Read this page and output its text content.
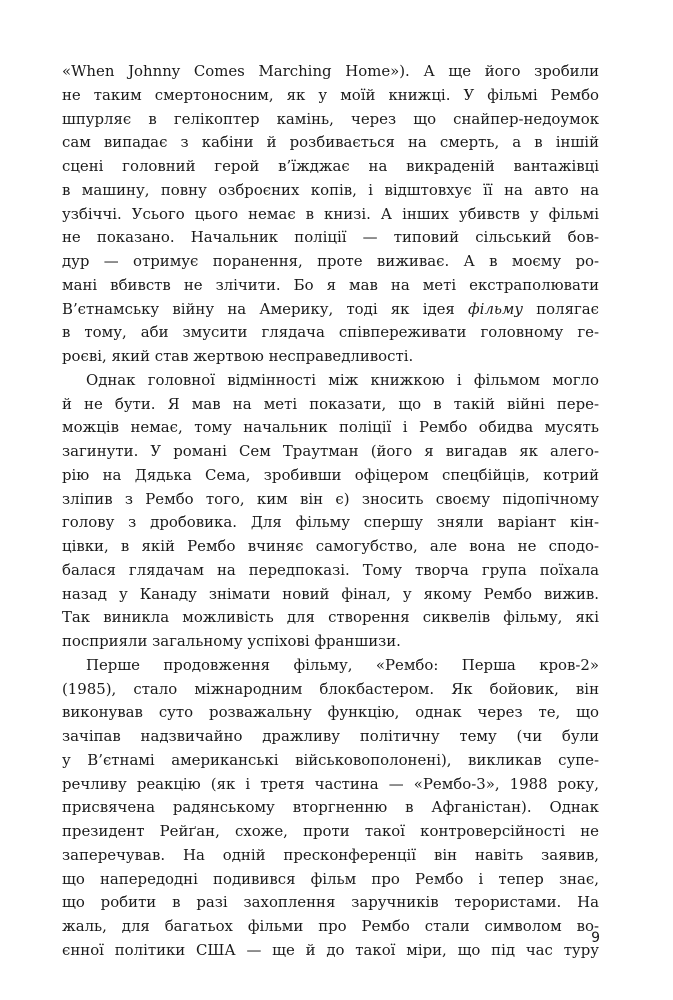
«When Johnny Comes Marching Home»). А ще його зробили
не таким смертоносним, як у моїй книжці. У фільмі Рембо
шпурляє в гелікоптер камінь, через що снайпер-недоумок
сам випадає з кабіни й розбивається на смерть, а в іншій
сцені головний герой в’їжджає на викраденій вантажівці
в машину, повну озброєних копів, і відштовхує її на авто на
узбіччі. Усього цього немає в книзі. А інших убивств у фільмі
не показано. Начальник поліції — типовий сільський бов-
дур — отримує поранення, проте виживає. А в моєму ро-
мані вбивств не злічити. Бо я мав на меті екстраполювати
В’єтнамську війну на Америку, тоді як ідея фільму полягає
в тому, аби змусити глядача співпереживати головному ге-
роєві, який став жертвою несправедливості.
Однак головної відмінності між книжкою і фільмом могло
й не бути. Я мав на меті показати, що в такій війні пере-
можців немає, тому начальник поліції і Рембо обидва мусять
загинути. У романі Сем Траутман (його я вигадав як алего-
рію на Дядька Сема, зробивши офіцером спецбійців, котрий
зліпив з Рембо того, ким він є) зносить своєму підопічному
голову з дробовика. Для фільму спершу зняли варіант кін-
цівки, в якій Рембо вчиняє самогубство, але вона не сподо-
балася глядачам на передпоказі. Тому творча група поїхала
назад у Канаду знімати новий фінал, у якому Рембо вижив.
Так виникла можливість для створення сиквелів фільму, які
посприяли загальному успіхові франшизи.
Перше продовження фільму, «Рембо: Перша кров-2»
(1985), стало міжнародним блокбастером. Як бойовик, він
виконував суто розважальну функцію, однак через те, що
зачіпав надзвичайно дражливу політичну тему (чи були
у В’єтнамі американські військовополонені), викликав супе-
речливу реакцію (як і третя частина — «Рембо-3», 1988 року,
присвячена радянському вторгненню в Афганістан). Однак
президент Рейґан, схоже, проти такої контроверсійності не
заперечував. На одній пресконференції він навіть заявив,
що напередодні подивився фільм про Рембо і тепер знає,
що робити в разі захоплення заручників терористами. На
жаль, для багатьох фільми про Рембо стали символом во-
єнної політики США — ще й до такої міри, що під час туру
9
